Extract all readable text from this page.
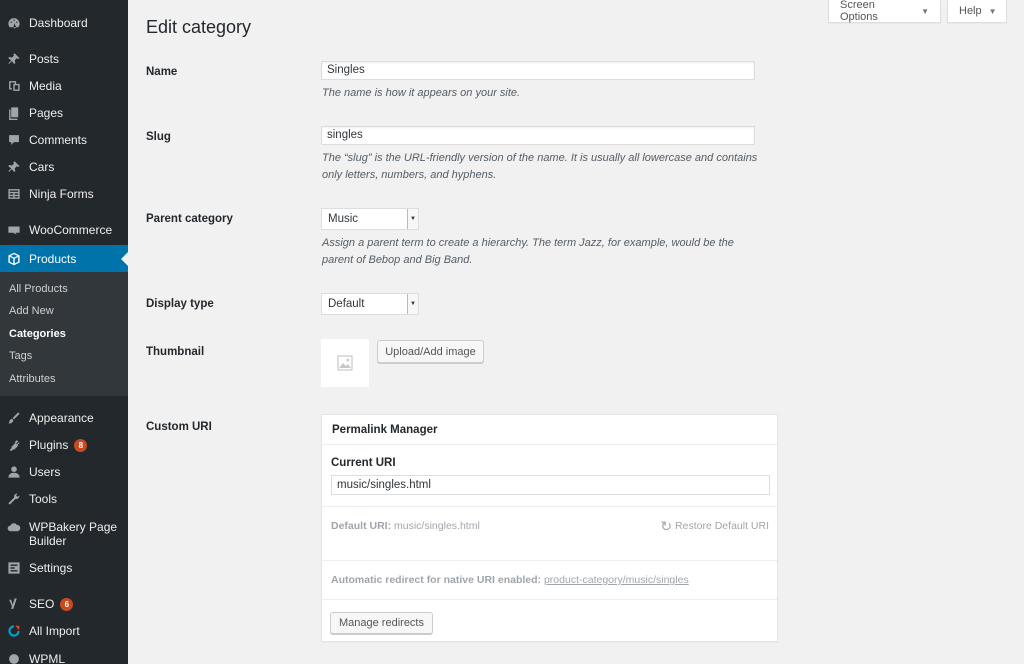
Dashboard
Posts
Media
Pages
Comments
Cars
Ninja Forms
WooCommerce
Products
All Products
Add New
Categories
Tags
Attributes
Appearance
Plugins 8
Users
Tools
WPBakery Page
Builder
Settings
SEO 6
All Import
WPML
Screen Options	▼	Help ▼
Edit category
Name	Singles
The name is how it appears on your site.
Slug	singles
The “slug” is the URL-friendly version of the name. It is usually all lowercase and contains only letters, numbers, and hyphens.
Parent category	Music	▼
Assign a parent term to create a hierarchy. The term Jazz, for example, would be the parent of Bebop and Big Band.
Display type	Default	▼
Thumbnail	Upload/Add image
Custom URI	Permalink Manager
Current URI
music/singles.html
Default URI: music/singles.html	↻ Restore Default URI
Automatic redirect for native URI enabled: product-category/music/singles
Manage redirects
